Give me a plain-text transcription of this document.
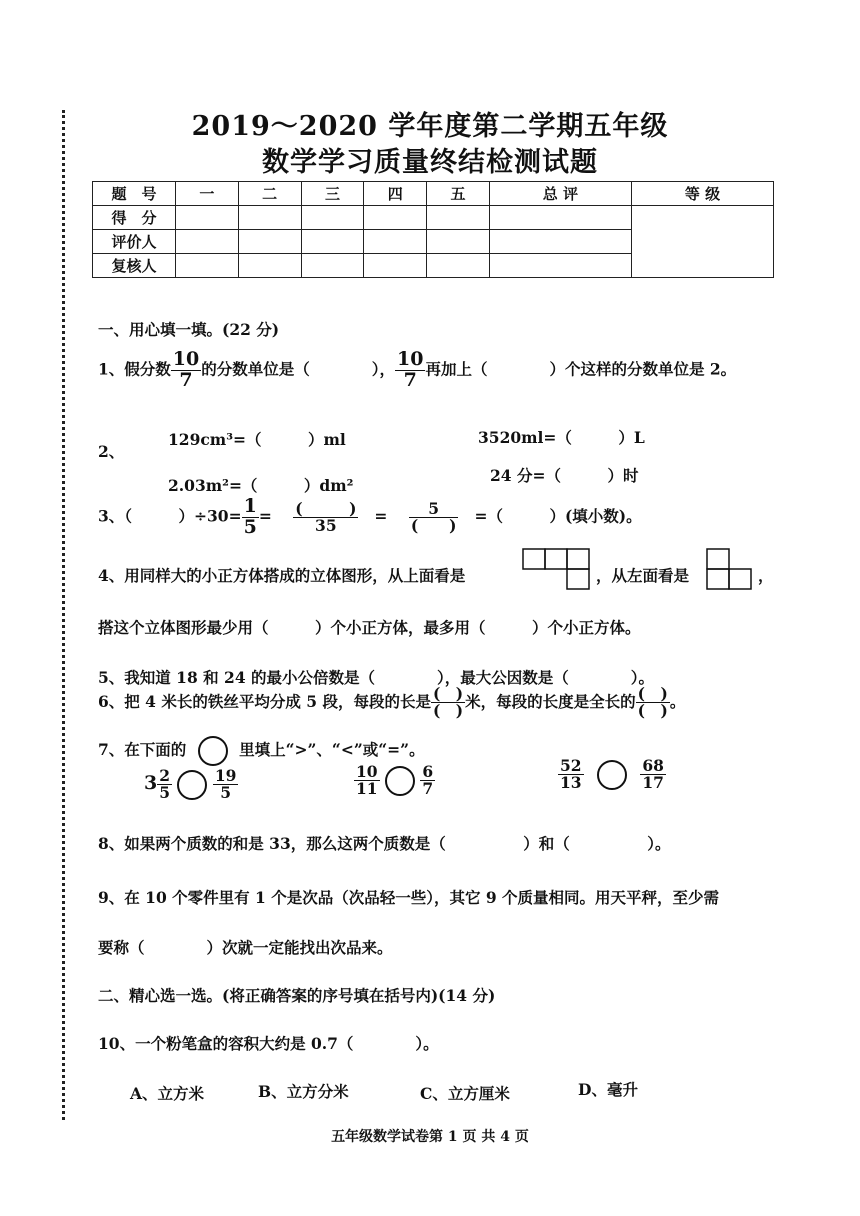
2019～2020 学年度第二学期五年级
数学学习质量终结检测试题
题　号	一	二	三	四	五	总 评	等 级
得　分							
评价人							
复核人							
一、用心填一填。(22 分)
1、假分数 $\frac{10}{7}$ 的分数单位是（　　　　）， $\frac{10}{7}$ 再加上（　　　　）个这样的分数单位是 2。
2、
129cm³=（　　　）ml	3520ml=（　　　）L
2.03m²=（　　　）dm²
24 分=（　　　）时
3、（　　　）$\div 30= \frac{1}{5} = \frac{( )}{35} = \frac{5}{( )}$ =（　　　）(填小数)。
4、用同样大的小正方体搭成的立体图形，从上面看是	，从左面看是	，
搭这个立体图形最少用（　　　）个小正方体，最多用（　　　）个小正方体。
5、我知道 18 和 24 的最小公倍数是（　　　　），最大公因数是（　　　　）。
6、把 4 米长的铁丝平均分成 5 段，每段的长是 $\frac{( )}{( )}$ 米，每段的长度是全长的 $\frac{( )}{( )}$ 。
7、在下面的	里填上“>”、“<”或“=”。
$3 \frac{2}{5}$
	$\frac{19}{5}$	$\frac{10}{11}$
	$\frac{6}{7}$	$\frac{52}{13}$
	$\frac{68}{17}$
8、如果两个质数的和是 33，那么这两个质数是（　　　　　）和（　　　　　）。
9、在 10 个零件里有 1 个是次品（次品轻一些），其它 9 个质量相同。用天平秤，至少需
要称（　　　　）次就一定能找出次品来。
二、精心选一选。(将正确答案的序号填在括号内)(14 分)
10、一个粉笔盒的容积大约是 0.7（　　　　）。
A、立方米	B、立方分米	C、立方厘米	D、毫升
五年级数学试卷第 1 页 共 4 页
